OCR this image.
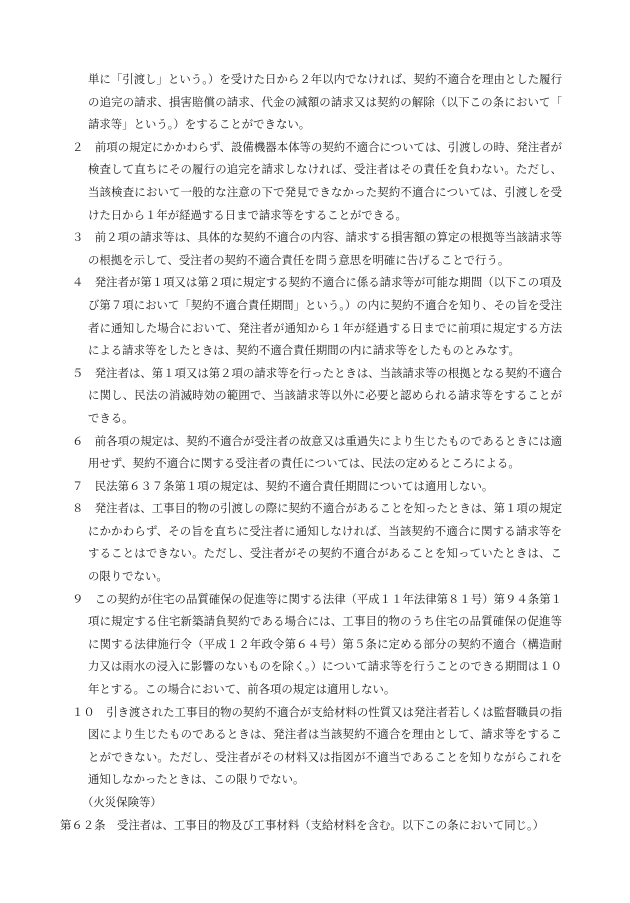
単に「引渡し」という。）を受けた日から２年以内でなければ、契約不適合を理由とした履行の追完の請求、損害賠償の請求、代金の減額の請求又は契約の解除（以下この条において「請求等」という。）をすることができない。

２　前項の規定にかかわらず、設備機器本体等の契約不適合については、引渡しの時、発注者が検査して直ちにその履行の追完を請求しなければ、受注者はその責任を負わない。ただし、当該検査において一般的な注意の下で発見できなかった契約不適合については、引渡しを受けた日から１年が経過する日まで請求等をすることができる。

３　前２項の請求等は、具体的な契約不適合の内容、請求する損害額の算定の根拠等当該請求等の根拠を示して、受注者の契約不適合責任を問う意思を明確に告げることで行う。

４　発注者が第１項又は第２項に規定する契約不適合に係る請求等が可能な期間（以下この項及び第７項において「契約不適合責任期間」という。）の内に契約不適合を知り、その旨を受注者に通知した場合において、発注者が通知から１年が経過する日までに前項に規定する方法による請求等をしたときは、契約不適合責任期間の内に請求等をしたものとみなす。

５　発注者は、第１項又は第２項の請求等を行ったときは、当該請求等の根拠となる契約不適合に関し、民法の消滅時効の範囲で、当該請求等以外に必要と認められる請求等をすることができる。

６　前各項の規定は、契約不適合が受注者の故意又は重過失により生じたものであるときには適用せず、契約不適合に関する受注者の責任については、民法の定めるところによる。

７　民法第６３７条第１項の規定は、契約不適合責任期間については適用しない。

８　発注者は、工事目的物の引渡しの際に契約不適合があることを知ったときは、第１項の規定にかかわらず、その旨を直ちに受注者に通知しなければ、当該契約不適合に関する請求等をすることはできない。ただし、受注者がその契約不適合があることを知っていたときは、この限りでない。

９　この契約が住宅の品質確保の促進等に関する法律（平成１１年法律第８１号）第９４条第１項に規定する住宅新築請負契約である場合には、工事目的物のうち住宅の品質確保の促進等に関する法律施行令（平成１２年政令第６４号）第５条に定める部分の契約不適合（構造耐力又は雨水の浸入に影響のないものを除く。）について請求等を行うことのできる期間は１０年とする。この場合において、前各項の規定は適用しない。

１０　引き渡された工事目的物の契約不適合が支給材料の性質又は発注者若しくは監督職員の指図により生じたものであるときは、発注者は当該契約不適合を理由として、請求等をすることができない。ただし、受注者がその材料又は指図が不適当であることを知りながらこれを通知しなかったときは、この限りでない。

（火災保険等）

第６２条　受注者は、工事目的物及び工事材料（支給材料を含む。以下この条において同じ。）
